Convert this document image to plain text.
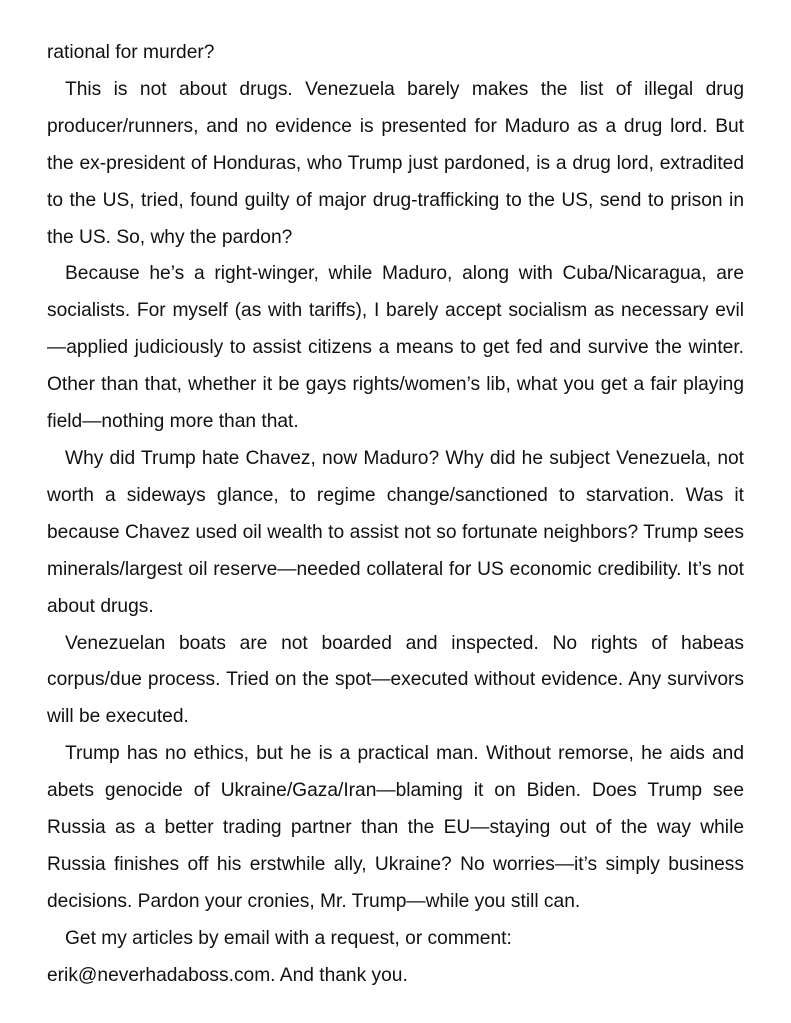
rational for murder?

This is not about drugs. Venezuela barely makes the list of illegal drug producer/runners, and no evidence is presented for Maduro as a drug lord. But the ex-president of Honduras, who Trump just pardoned, is a drug lord, extradited to the US, tried, found guilty of major drug-trafficking to the US, send to prison in the US. So, why the pardon?

Because he’s a right-winger, while Maduro, along with Cuba/Nicaragua, are socialists. For myself (as with tariffs), I barely accept socialism as necessary evil—applied judiciously to assist citizens a means to get fed and survive the winter. Other than that, whether it be gays rights/women’s lib, what you get a fair playing field—nothing more than that.

Why did Trump hate Chavez, now Maduro? Why did he subject Venezuela, not worth a sideways glance, to regime change/sanctioned to starvation. Was it because Chavez used oil wealth to assist not so fortunate neighbors? Trump sees minerals/largest oil reserve—needed collateral for US economic credibility. It’s not about drugs.

Venezuelan boats are not boarded and inspected. No rights of habeas corpus/due process. Tried on the spot—executed without evidence. Any survivors will be executed.

Trump has no ethics, but he is a practical man. Without remorse, he aids and abets genocide of Ukraine/Gaza/Iran—blaming it on Biden. Does Trump see Russia as a better trading partner than the EU—staying out of the way while Russia finishes off his erstwhile ally, Ukraine? No worries—it’s simply business decisions. Pardon your cronies, Mr. Trump—while you still can.

Get my articles by email with a request, or comment: erik@neverhadaboss.com. And thank you.
